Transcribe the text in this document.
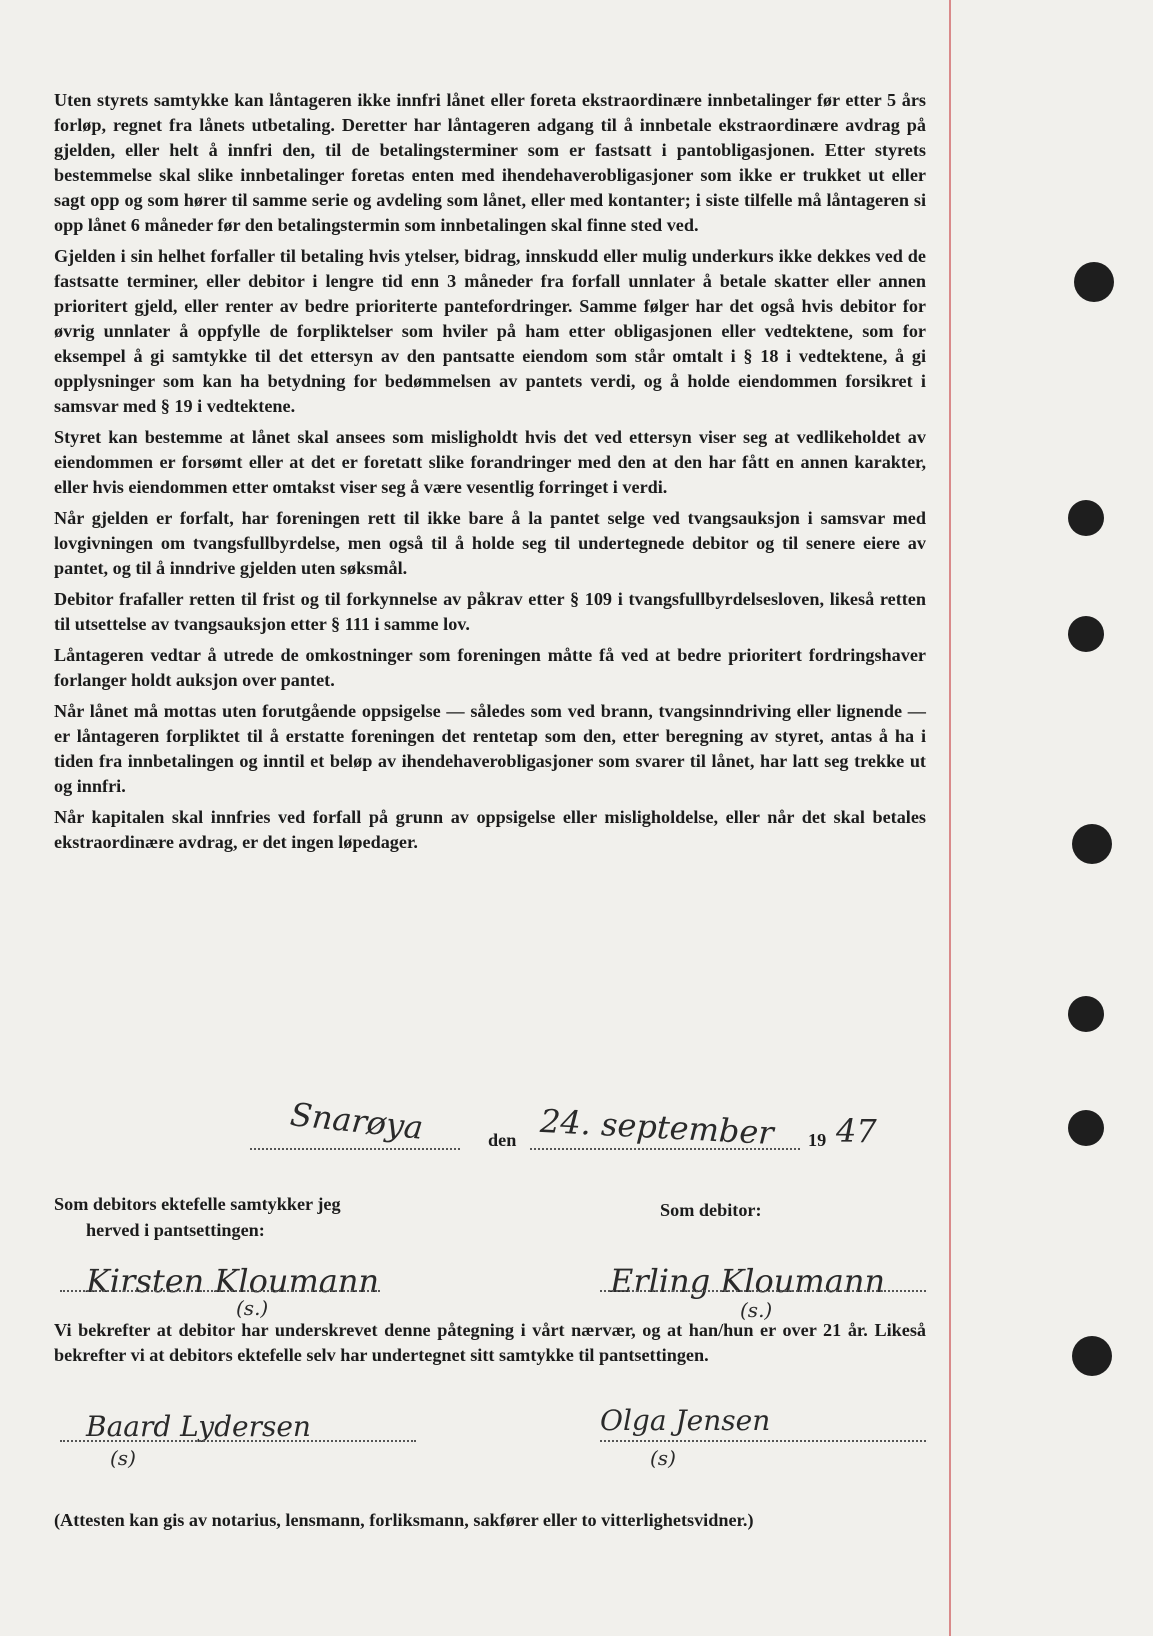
Uten styrets samtykke kan låntageren ikke innfri lånet eller foreta ekstraordinære innbetalinger før etter 5 års forløp, regnet fra lånets utbetaling. Deretter har låntageren adgang til å innbetale ekstraordinære avdrag på gjelden, eller helt å innfri den, til de betalingsterminer som er fastsatt i pantobligasjonen. Etter styrets bestemmelse skal slike innbetalinger foretas enten med ihendehaverobligasjoner som ikke er trukket ut eller sagt opp og som hører til samme serie og avdeling som lånet, eller med kontanter; i siste tilfelle må låntageren si opp lånet 6 måneder før den betalingstermin som innbetalingen skal finne sted ved.

Gjelden i sin helhet forfaller til betaling hvis ytelser, bidrag, innskudd eller mulig underkurs ikke dekkes ved de fastsatte terminer, eller debitor i lengre tid enn 3 måneder fra forfall unnlater å betale skatter eller annen prioritert gjeld, eller renter av bedre prioriterte pantefordringer. Samme følger har det også hvis debitor for øvrig unnlater å oppfylle de forpliktelser som hviler på ham etter obligasjonen eller vedtektene, som for eksempel å gi samtykke til det ettersyn av den pantsatte eiendom som står omtalt i § 18 i vedtektene, å gi opplysninger som kan ha betydning for bedømmelsen av pantets verdi, og å holde eiendommen forsikret i samsvar med § 19 i vedtektene.

Styret kan bestemme at lånet skal ansees som misligholdt hvis det ved ettersyn viser seg at vedlikeholdet av eiendommen er forsømt eller at det er foretatt slike forandringer med den at den har fått en annen karakter, eller hvis eiendommen etter omtakst viser seg å være vesentlig forringet i verdi.

Når gjelden er forfalt, har foreningen rett til ikke bare å la pantet selge ved tvangsauksjon i samsvar med lovgivningen om tvangsfullbyrdelse, men også til å holde seg til undertegnede debitor og til senere eiere av pantet, og til å inndrive gjelden uten søksmål.

Debitor frafaller retten til frist og til forkynnelse av påkrav etter § 109 i tvangsfullbyrdelsesloven, likeså retten til utsettelse av tvangsauksjon etter § 111 i samme lov.

Låntageren vedtar å utrede de omkostninger som foreningen måtte få ved at bedre prioritert fordringshaver forlanger holdt auksjon over pantet.

Når lånet må mottas uten forutgående oppsigelse — således som ved brann, tvangsinndriving eller lignende — er låntageren forpliktet til å erstatte foreningen det rentetap som den, etter beregning av styret, antas å ha i tiden fra innbetalingen og inntil et beløp av ihendehaverobligasjoner som svarer til lånet, har latt seg trekke ut og innfri.

Når kapitalen skal innfries ved forfall på grunn av oppsigelse eller misligholdelse, eller når det skal betales ekstraordinære avdrag, er det ingen løpedager.

Snarøya	den 24. september 19 47
Som debitors ektefelle samtykker jeg
herved i pantsettingen:
Som debitor:
Kirsten Kloumann
(s.)
Erling Kloumann
(s.)
Vi bekrefter at debitor har underskrevet denne påtegning i vårt nærvær, og at han/hun er over 21 år. Likeså bekrefter vi at debitors ektefelle selv har undertegnet sitt samtykke til pantsettingen.
Baard Lydersen
(s)
Olga Jensen
(s)
(Attesten kan gis av notarius, lensmann, forliksmann, sakfører eller to vitterlighetsvidner.)
